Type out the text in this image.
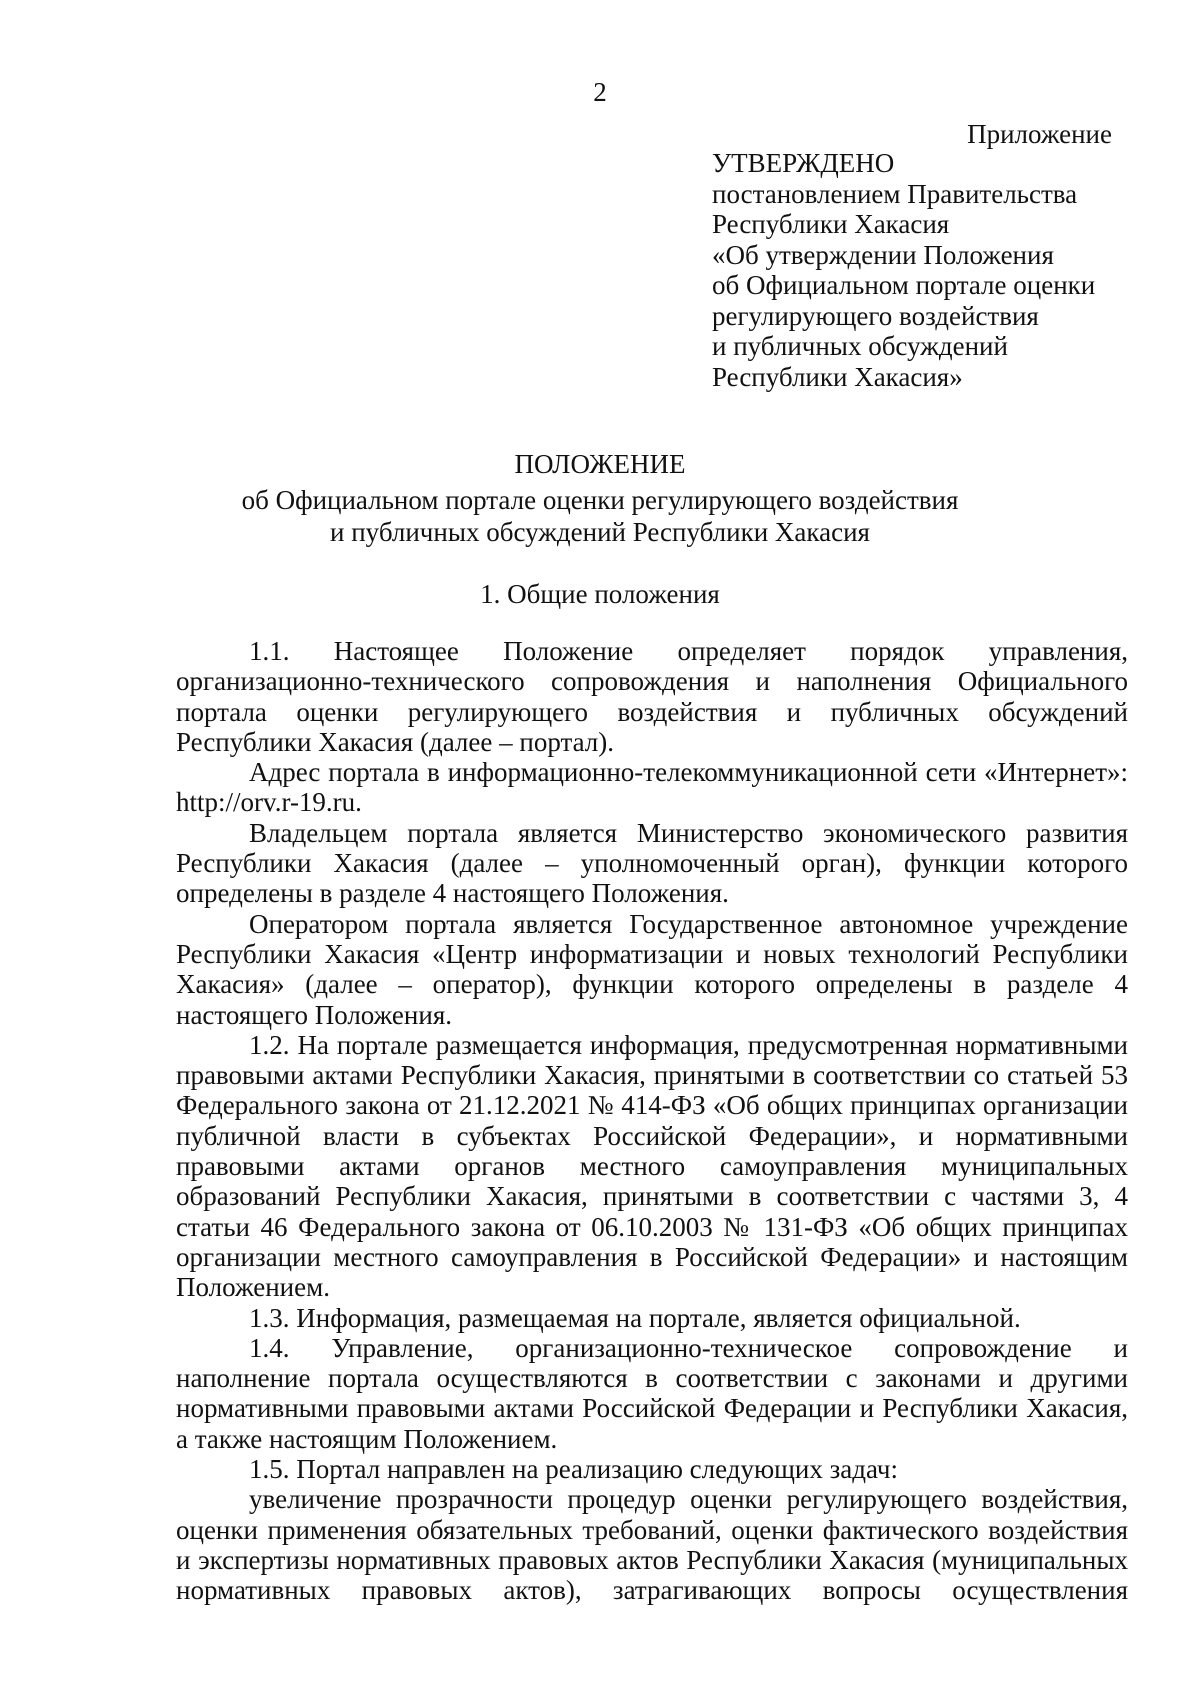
2
Приложение
УТВЕРЖДЕНО
постановлением Правительства
Республики Хакасия
«Об утверждении Положения
об Официальном портале оценки
регулирующего воздействия
и публичных обсуждений
Республики Хакасия»
ПОЛОЖЕНИЕ
об Официальном портале оценки регулирующего воздействия
и публичных обсуждений Республики Хакасия
1. Общие положения

1.1. Настоящее Положение определяет порядок управления, организационно-технического сопровождения и наполнения Официального портала оценки регулирующего воздействия и публичных обсуждений Республики Хакасия (далее – портал).

Адрес портала в информационно-телекоммуникационной сети «Интернет»: http://orv.r-19.ru.

Владельцем портала является Министерство экономического развития Республики Хакасия (далее – уполномоченный орган), функции которого определены в разделе 4 настоящего Положения.

Оператором портала является Государственное автономное учреждение Республики Хакасия «Центр информатизации и новых технологий Республики Хакасия» (далее – оператор), функции которого определены в разделе 4 настоящего Положения.

1.2. На портале размещается информация, предусмотренная нормативными правовыми актами Республики Хакасия, принятыми в соответствии со статьей 53 Федерального закона от 21.12.2021 № 414-ФЗ «Об общих принципах организации публичной власти в субъектах Российской Федерации», и нормативными правовыми актами органов местного самоуправления муниципальных образований Республики Хакасия, принятыми в соответствии с частями 3, 4 статьи 46 Федерального закона от 06.10.2003 № 131-ФЗ «Об общих принципах организации местного самоуправления в Российской Федерации» и настоящим Положением.

1.3. Информация, размещаемая на портале, является официальной.

1.4. Управление, организационно-техническое сопровождение и наполнение портала осуществляются в соответствии с законами и другими нормативными правовыми актами Российской Федерации и Республики Хакасия, а также настоящим Положением.

1.5. Портал направлен на реализацию следующих задач:

увеличение прозрачности процедур оценки регулирующего воздействия, оценки применения обязательных требований, оценки фактического воздействия и экспертизы нормативных правовых актов Республики Хакасия (муниципальных нормативных правовых актов), затрагивающих вопросы осуществления
